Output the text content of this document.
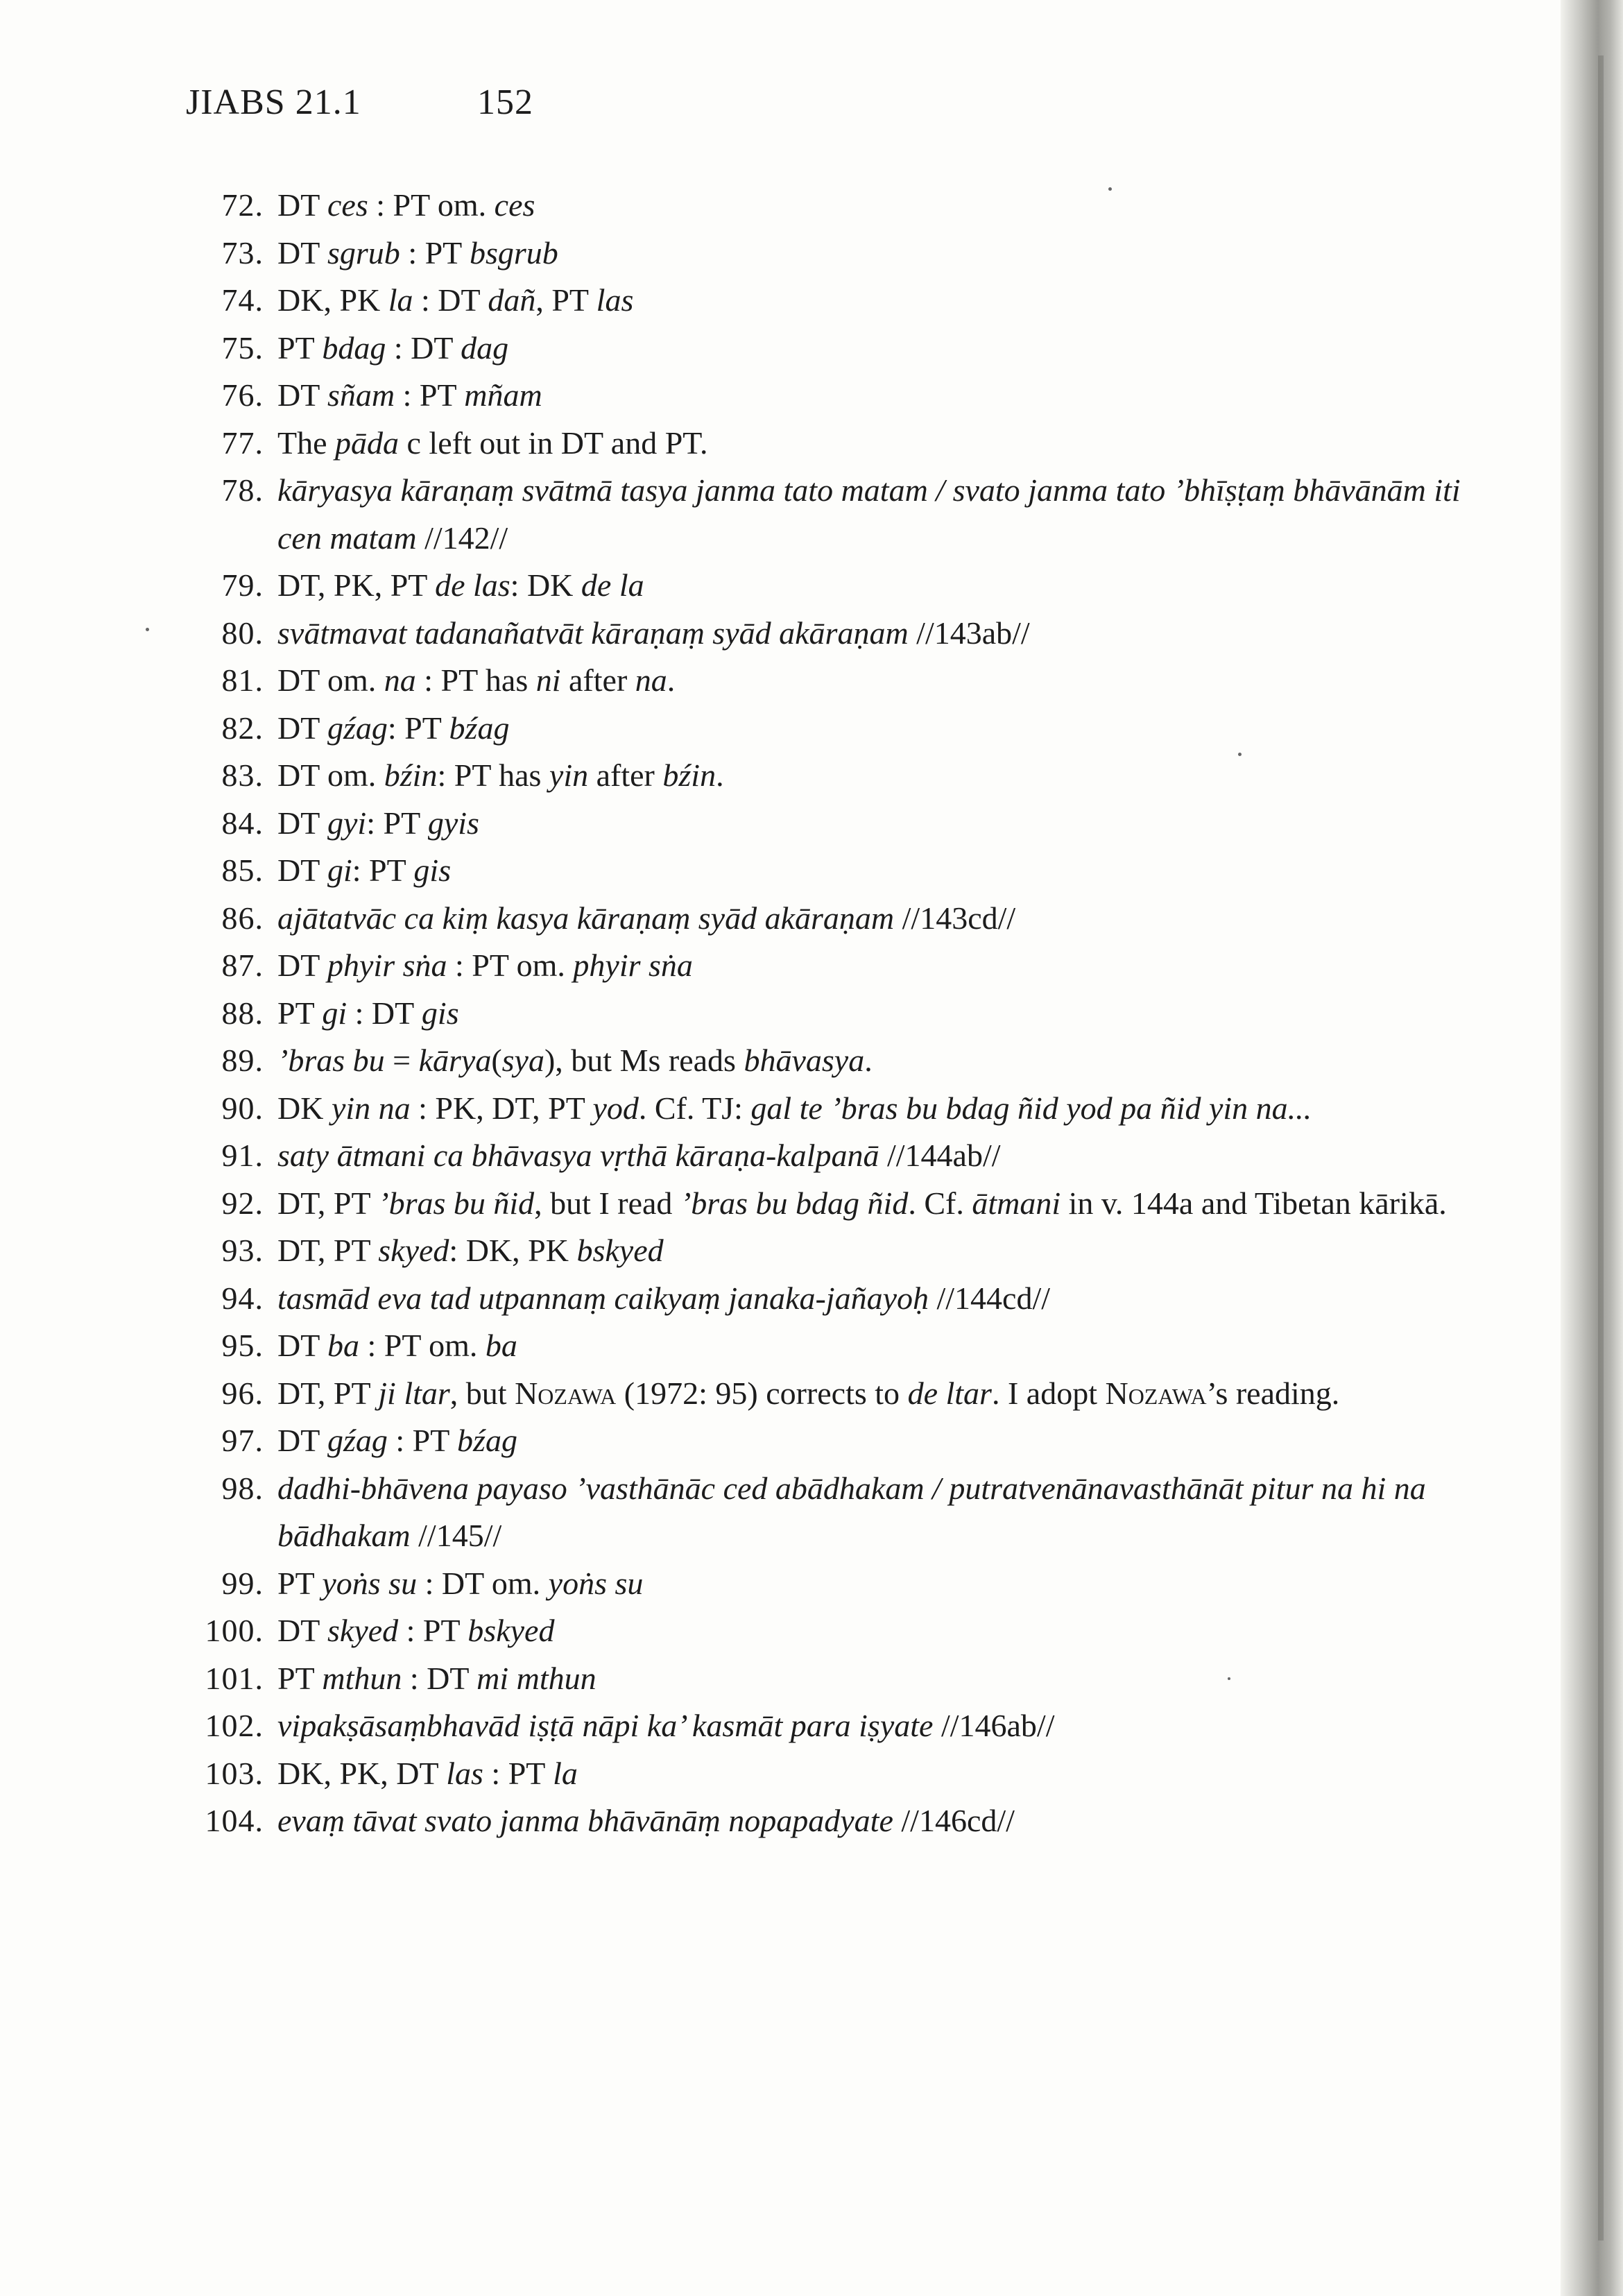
JIABS 21.1	152
72. DT ces : PT om. ces
73. DT sgrub : PT bsgrub
74. DK, PK la : DT dañ, PT las
75. PT bdag : DT dag
76. DT sñam : PT mñam
77. The pāda c left out in DT and PT.
78. kāryasya kāraṇaṃ svātmā tasya janma tato matam / svato janma tato ’bhīṣṭaṃ bhāvānām iti cen matam //142//
79. DT, PK, PT de las: DK de la
80. svātmavat tadanañatvāt kāraṇaṃ syād akāraṇam //143ab//
81. DT om. na : PT has ni after na.
82. DT gźag: PT bźag
83. DT om. bźin: PT has yin after bźin.
84. DT gyi: PT gyis
85. DT gi: PT gis
86. ajātatvāc ca kiṃ kasya kāraṇaṃ syād akāraṇam //143cd//
87. DT phyir sṅa : PT om. phyir sṅa
88. PT gi : DT gis
89. ’bras bu = kārya(sya), but Ms reads bhāvasya.
90. DK yin na : PK, DT, PT yod. Cf. TJ: gal te ’bras bu bdag ñid yod pa ñid yin na...
91. saty ātmani ca bhāvasya vṛthā kāraṇa-kalpanā //144ab//
92. DT, PT ’bras bu ñid, but I read ’bras bu bdag ñid. Cf. ātmani in v. 144a and Tibetan kārikā.
93. DT, PT skyed: DK, PK bskyed
94. tasmād eva tad utpannaṃ caikyaṃ janaka-jañayoḥ //144cd//
95. DT ba : PT om. ba
96. DT, PT ji ltar, but Nozawa (1972: 95) corrects to de ltar. I adopt Nozawa’s reading.
97. DT gźag : PT bźag
98. dadhi-bhāvena payaso ’vasthānāc ced abādhakam / putratvenānavasthānāt pitur na hi na bādhakam //145//
99. PT yoṅs su : DT om. yoṅs su
100. DT skyed : PT bskyed
101. PT mthun : DT mi mthun
102. vipakṣāsaṃbhavād iṣṭā nāpi ka’ kasmāt para iṣyate //146ab//
103. DK, PK, DT las : PT la
104. evaṃ tāvat svato janma bhāvānāṃ nopapadyate //146cd//
